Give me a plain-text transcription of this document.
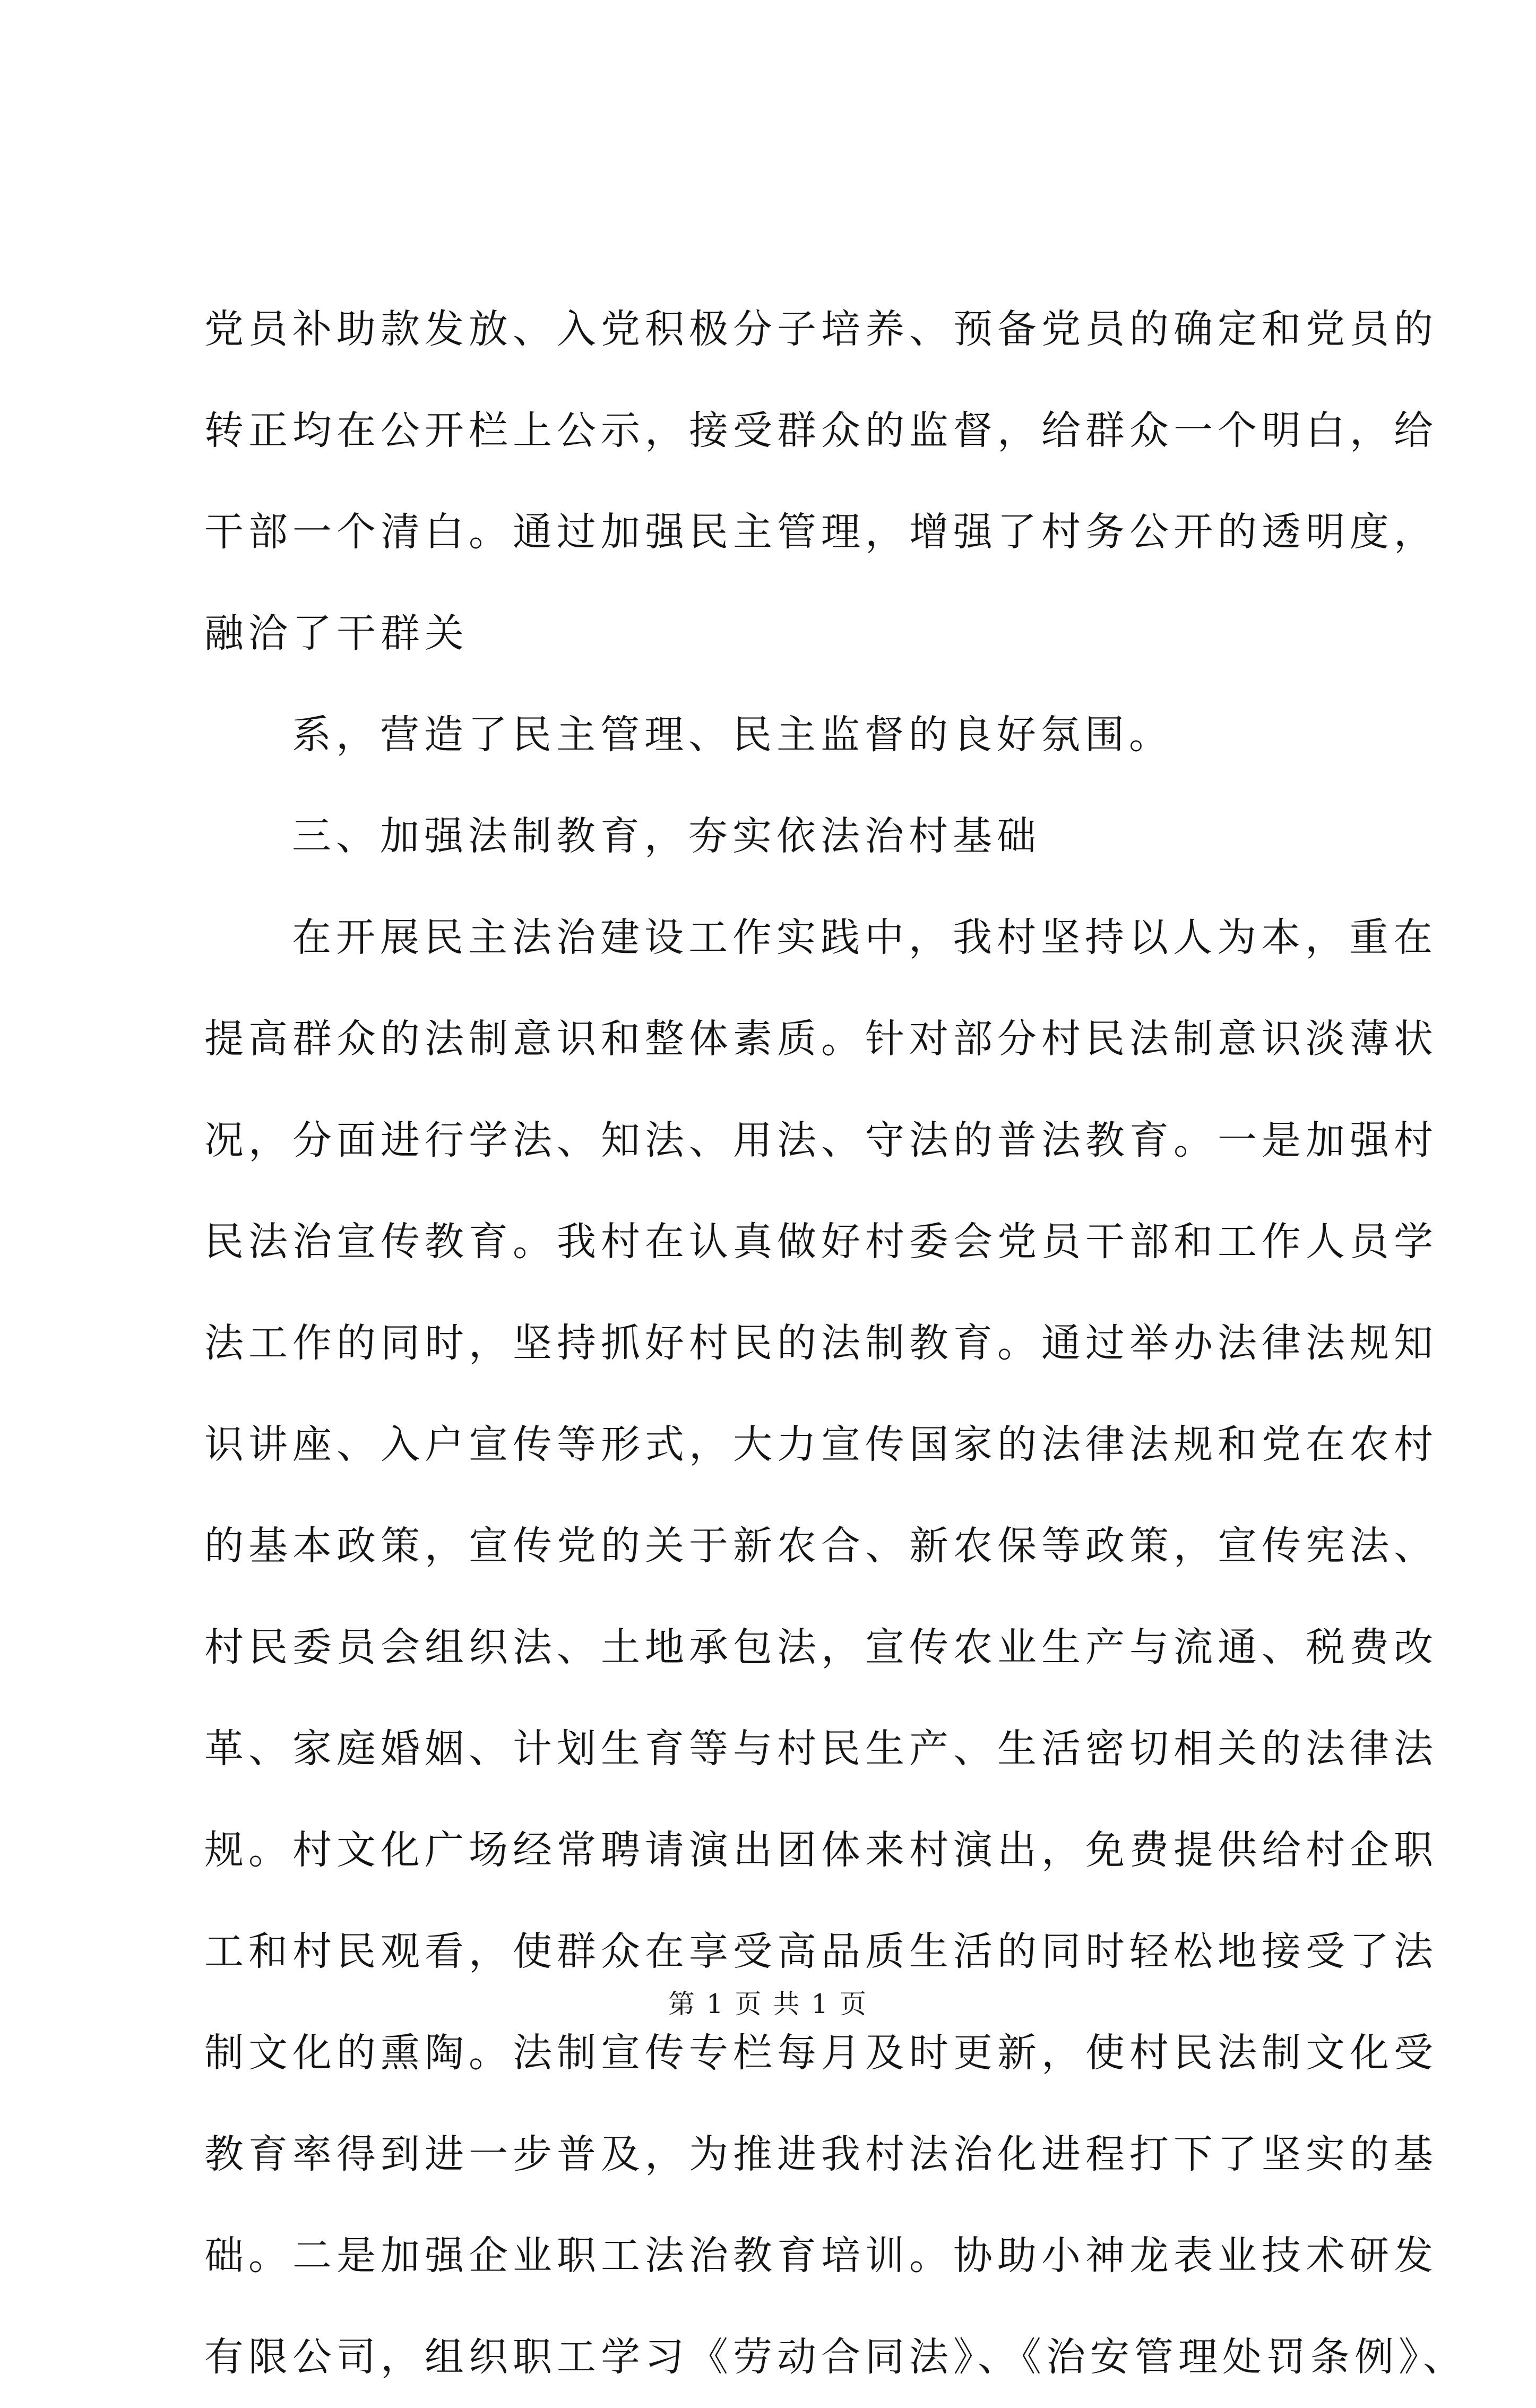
党员补助款发放、入党积极分子培养、预备党员的确定和党员的
转正均在公开栏上公示，接受群众的监督，给群众一个明白，给
干部一个清白。通过加强民主管理，增强了村务公开的透明度，
融洽了干群关
系，营造了民主管理、民主监督的良好氛围。
三、加强法制教育，夯实依法治村基础
在开展民主法治建设工作实践中，我村坚持以人为本，重在
提高群众的法制意识和整体素质。针对部分村民法制意识淡薄状
况，分面进行学法、知法、用法、守法的普法教育。一是加强村
民法治宣传教育。我村在认真做好村委会党员干部和工作人员学
法工作的同时，坚持抓好村民的法制教育。通过举办法律法规知
识讲座、入户宣传等形式，大力宣传国家的法律法规和党在农村
的基本政策，宣传党的关于新农合、新农保等政策，宣传宪法、
村民委员会组织法、土地承包法，宣传农业生产与流通、税费改
革、家庭婚姻、计划生育等与村民生产、生活密切相关的法律法
规。村文化广场经常聘请演出团体来村演出，免费提供给村企职
工和村民观看，使群众在享受高品质生活的同时轻松地接受了法
制文化的熏陶。法制宣传专栏每月及时更新，使村民法制文化受
教育率得到进一步普及，为推进我村法治化进程打下了坚实的基
础。二是加强企业职工法治教育培训。协助小神龙表业技术研发
有限公司，组织职工学习《劳动合同法》、《治安管理处罚条例》、
第 1 页 共 1 页
